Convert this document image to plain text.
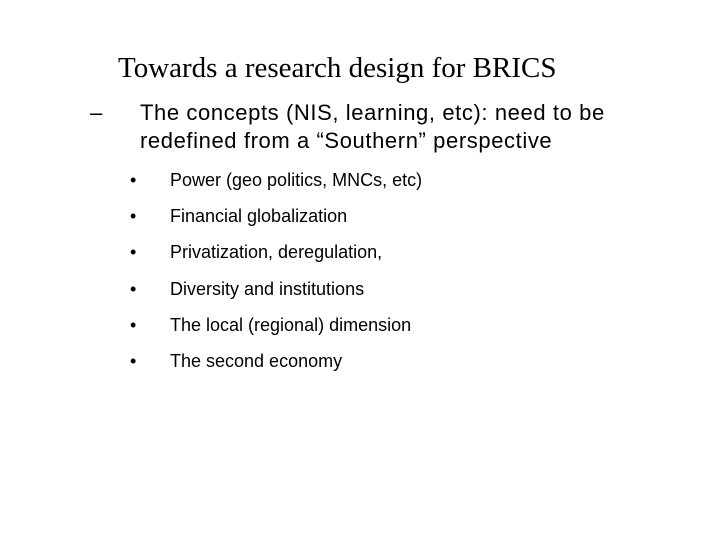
Towards a research design for BRICS
– The concepts (NIS, learning, etc): need to be redefined from a “Southern” perspective
• Power (geo politics, MNCs, etc)
• Financial globalization
• Privatization, deregulation,
• Diversity and institutions
• The local (regional) dimension
• The second economy
